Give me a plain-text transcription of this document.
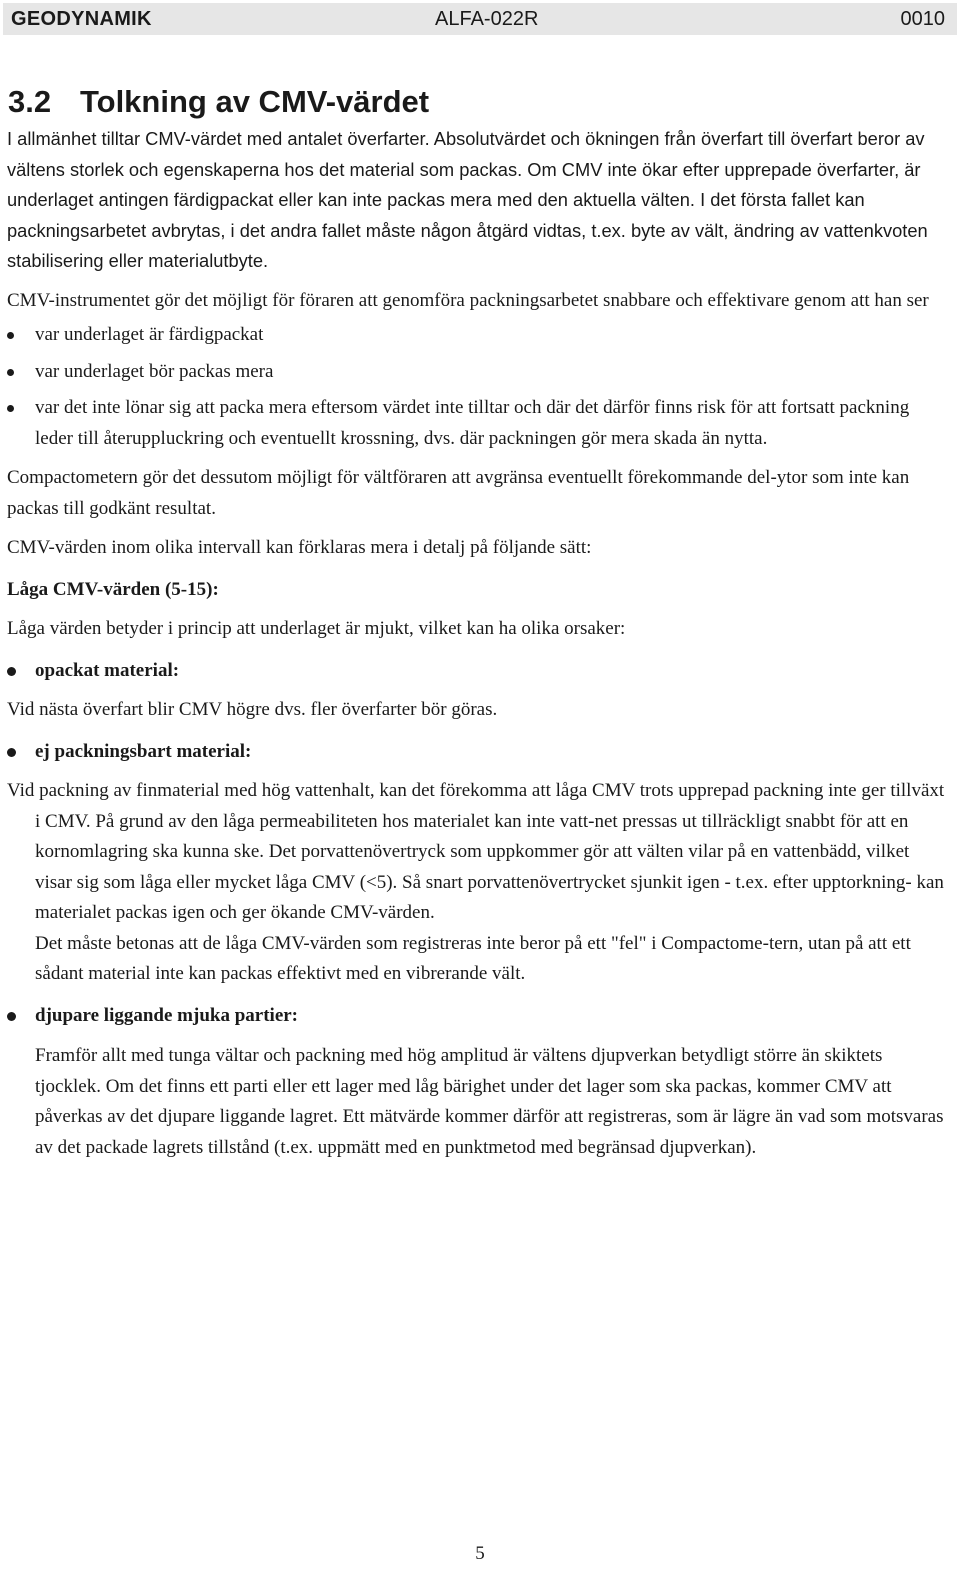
GEODYNAMIK	ALFA-022R	0010
3.2 Tolkning av CMV-värdet

I allmänhet tilltar CMV-värdet med antalet överfarter. Absolutvärdet och ökningen från överfart till överfart beror av vältens storlek och egenskaperna hos det material som packas. Om CMV inte ökar efter upprepade överfarter, är underlaget antingen färdigpackat eller kan inte packas mera med den aktuella välten. I det första fallet kan packningsarbetet avbrytas, i det andra fallet måste någon åtgärd vidtas, t.ex. byte av vält, ändring av vattenkvoten stabilisering eller materialutbyte.

CMV-instrumentet gör det möjligt för föraren att genomföra packningsarbetet snabbare och effektivare genom att han ser

var underlaget är färdigpackat
var underlaget bör packas mera
var det inte lönar sig att packa mera eftersom värdet inte tilltar och där det därför finns risk för att fortsatt packning leder till återuppluckring och eventuellt krossning, dvs. där packningen gör mera skada än nytta.

Compactometern gör det dessutom möjligt för vältföraren att avgränsa eventuellt förekommande del-ytor som inte kan packas till godkänt resultat.

CMV-värden inom olika intervall kan förklaras mera i detalj på följande sätt:

Låga CMV-värden (5-15):

Låga värden betyder i princip att underlaget är mjukt, vilket kan ha olika orsaker:

opackat material:

Vid nästa överfart blir CMV högre dvs. fler överfarter bör göras.

ej packningsbart material:

Vid packning av finmaterial med hög vattenhalt, kan det förekomma att låga CMV trots upprepad packning inte ger tillväxt i CMV. På grund av den låga permeabiliteten hos materialet kan inte vatt-net pressas ut tillräckligt snabbt för att en kornomlagring ska kunna ske. Det porvattenövertryck som uppkommer gör att välten vilar på en vattenbädd, vilket visar sig som låga eller mycket låga CMV (<5). Så snart porvattenövertrycket sjunkit igen - t.ex. efter upptorkning- kan materialet packas igen och ger ökande CMV-värden.

Det måste betonas att de låga CMV-värden som registreras inte beror på ett "fel" i Compactome-tern, utan på att ett sådant material inte kan packas effektivt med en vibrerande vält.

djupare liggande mjuka partier:

Framför allt med tunga vältar och packning med hög amplitud är vältens djupverkan betydligt större än skiktets tjocklek. Om det finns ett parti eller ett lager med låg bärighet under det lager som ska packas, kommer CMV att påverkas av det djupare liggande lagret. Ett mätvärde kommer därför att registreras, som är lägre än vad som motsvaras av det packade lagrets tillstånd (t.ex. uppmätt med en punktmetod med begränsad djupverkan).

5
